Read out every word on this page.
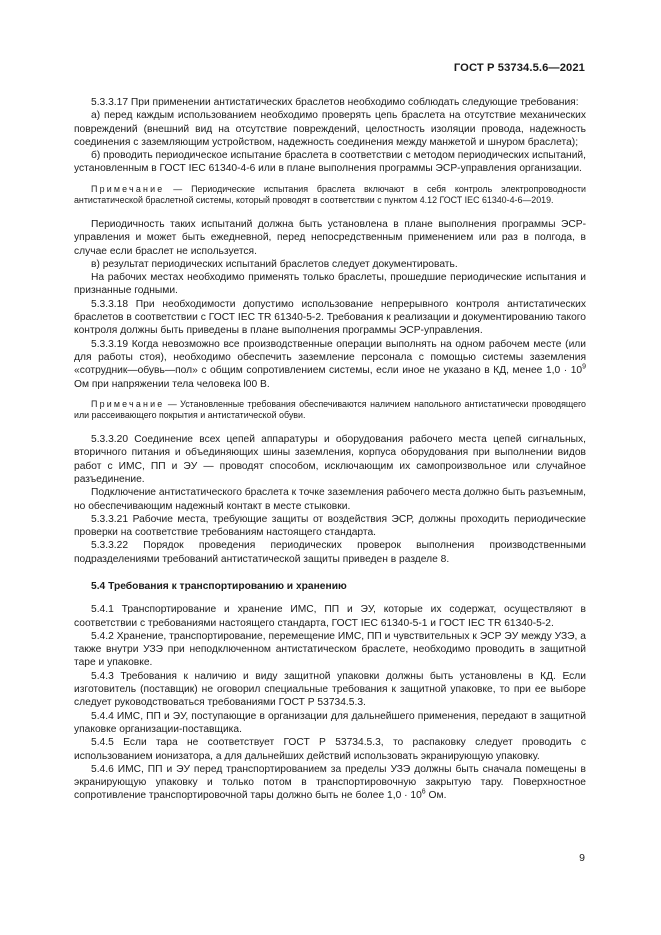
ГОСТ Р 53734.5.6—2021

5.3.3.17 При применении антистатических браслетов необходимо соблюдать следующие требования:

а) перед каждым использованием необходимо проверять цепь браслета на отсутствие механических повреждений (внешний вид на отсутствие повреждений, целостность изоляции провода, надежность соединения с заземляющим устройством, надежность соединения между манжетой и шнуром браслета);

б) проводить периодическое испытание браслета в соответствии с методом периодических испытаний, установленным в ГОСТ IEC 61340-4-6 или в плане выполнения программы ЭСР-управления организации.

Примечание — Периодические испытания браслета включают в себя контроль электропроводности антистатической браслетной системы, который проводят в соответствии с пунктом 4.12 ГОСТ IEC 61340-4-6—2019.

Периодичность таких испытаний должна быть установлена в плане выполнения программы ЭСР-управления и может быть ежедневной, перед непосредственным применением или раз в полгода, в случае если браслет не используется.

в) результат периодических испытаний браслетов следует документировать.

На рабочих местах необходимо применять только браслеты, прошедшие периодические испытания и признанные годными.

5.3.3.18 При необходимости допустимо использование непрерывного контроля антистатических браслетов в соответствии с ГОСТ IEC TR 61340-5-2. Требования к реализации и документированию такого контроля должны быть приведены в плане выполнения программы ЭСР-управления.

5.3.3.19 Когда невозможно все производственные операции выполнять на одном рабочем месте (или для работы стоя), необходимо обеспечить заземление персонала с помощью системы заземления «сотрудник—обувь—пол» с общим сопротивлением системы, если иное не указано в КД, менее $1,0 \cdot 10^9$ Ом при напряжении тела человека l00 В.

Примечание — Установленные требования обеспечиваются наличием напольного антистатически проводящего или рассеивающего покрытия и антистатической обуви.

5.3.3.20 Соединение всех цепей аппаратуры и оборудования рабочего места цепей сигнальных, вторичного питания и объединяющих шины заземления, корпуса оборудования при выполнении видов работ с ИМС, ПП и ЭУ — проводят способом, исключающим их самопроизвольное или случайное разъединение.

Подключение антистатического браслета к точке заземления рабочего места должно быть разъемным, но обеспечивающим надежный контакт в месте стыковки.

5.3.3.21 Рабочие места, требующие защиты от воздействия ЭСР, должны проходить периодические проверки на соответствие требованиям настоящего стандарта.

5.3.3.22 Порядок проведения периодических проверок выполнения производственными подразделениями требований антистатической защиты приведен в разделе 8.

5.4 Требования к транспортированию и хранению

5.4.1 Транспортирование и хранение ИМС, ПП и ЭУ, которые их содержат, осуществляют в соответствии с требованиями настоящего стандарта, ГОСТ IEC 61340-5-1 и ГОСТ IEC TR 61340-5-2.

5.4.2 Хранение, транспортирование, перемещение ИМС, ПП и чувствительных к ЭСР ЭУ между УЗЭ, а также внутри УЗЭ при неподключенном антистатическом браслете, необходимо проводить в защитной таре и упаковке.

5.4.3 Требования к наличию и виду защитной упаковки должны быть установлены в КД. Если изготовитель (поставщик) не оговорил специальные требования к защитной упаковке, то при ее выборе следует руководствоваться требованиями ГОСТ Р 53734.5.3.

5.4.4 ИМС, ПП и ЭУ, поступающие в организации для дальнейшего применения, передают в защитной упаковке организации-поставщика.

5.4.5 Если тара не соответствует ГОСТ Р 53734.5.3, то распаковку следует проводить с использованием ионизатора, а для дальнейших действий использовать экранирующую упаковку.

5.4.6 ИМС, ПП и ЭУ перед транспортированием за пределы УЗЭ должны быть сначала помещены в экранирующую упаковку и только потом в транспортировочную закрытую тару. Поверхностное сопротивление транспортировочной тары должно быть не более $1,0 \cdot 10^6$ Ом.

9
